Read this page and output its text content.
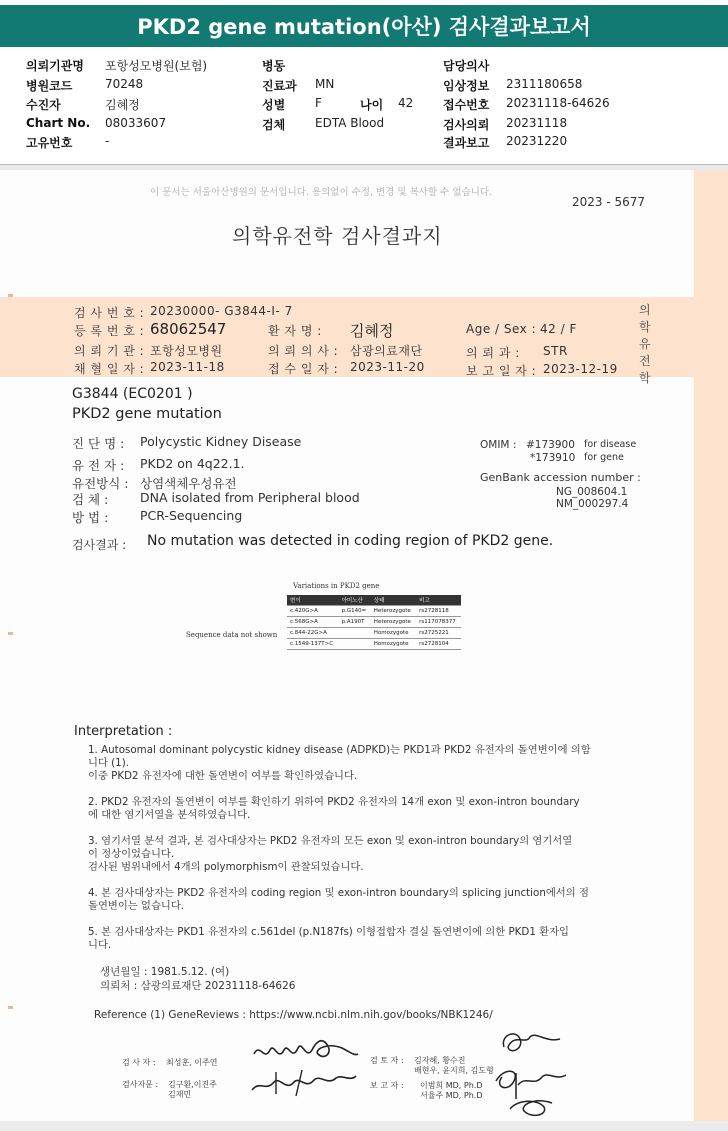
PKD2 gene mutation(아산) 검사결과보고서
의뢰기관명 포항성모병원(보험)	병동	담당의사
병원코드	70248	진료과 MN	임상정보 2311180658
수진자	김혜정	성별 F	나이 42 접수번호 20231118-64626
Chart No. 08033607	검체 EDTA Blood	검사의뢰 20231118
고유번호	-	결과보고 20231220
이 문서는 서울아산병원의 문서입니다. 용의없이 수정, 변경 및 복사할 수 없습니다.
2023 - 5677
의학유전학 검사결과지
의학유전학
검 사 번 호 : 20230000- G3844-I- 7
등 록 번 호 : 68062547	환 자 명 : 김혜정	Age / Sex : 42 / F
의 뢰 기 관 : 포항성모병원	의 뢰 의 사 : 삼광의료재단	의 뢰 과 : STR
채 혈 일 자 : 2023-11-18	접 수 일 자 : 2023-11-20	보 고 일 자 : 2023-12-19
G3844 (EC0201 )
PKD2 gene mutation
진 단 명 : Polycystic Kidney Disease
유 전 자 : PKD2 on 4q22.1.
유전방식 : 상염색체우성유전
검 체 :	DNA isolated from Peripheral blood
방 법 :	PCR-Sequencing
OMIM : #173900 for disease
*173910 for gene
GenBank accession number :
NG_008604.1
NM_000297.4
검사결과 : No mutation was detected in coding region of PKD2 gene.
Variations in PKD2 gene
Sequence data not shown
변이	아미노산	상태	비고
c.420G>A	p.G140=	Heterozygote	rs2728118
c.568G>A	p.A190T	Heterozygote	rs117078377
c.844-22G>A		Homozygote	rs2725221
c.1549-137T>C		Homozygote	rs2728104
Interpretation :
1. Autosomal dominant polycystic kidney disease (ADPKD)는 PKD1과 PKD2 유전자의 돌연변이에 의함
니다 (1).
이중 PKD2 유전자에 대한 돌연변이 여부를 확인하였습니다.
2. PKD2 유전자의 돌연변이 여부를 확인하기 위하여 PKD2 유전자의 14개 exon 및 exon-intron boundary
에 대한 염기서열을 분석하였습니다.
3. 염기서열 분석 결과, 본 검사대상자는 PKD2 유전자의 모든 exon 및 exon-intron boundary의 염기서열
이 정상이었습니다.
검사된 범위내에서 4개의 polymorphism이 관찰되었습니다.
4. 본 검사대상자는 PKD2 유전자의 coding region 및 exon-intron boundary의 splicing junction에서의 점
돌연변이는 없습니다.
5. 본 검사대상자는 PKD1 유전자의 c.561del (p.N187fs) 이형접합자 결실 돌연변이에 의한 PKD1 환자입
니다.
생년월일 : 1981.5.12. (여)
의뢰처 : 삼광의료재단 20231118-64626
Reference (1) GeneReviews : https://www.ncbi.nlm.nih.gov/books/NBK1246/
검 사 자 : 최성훈, 이주연
검사자문 : 김구환,이진주
김재민
검 토 자 : 김자혜, 황수진
배현우, 윤지희, 김도형
보 고 자 : 이범희 MD, Ph.D
서율주 MD, Ph.D
